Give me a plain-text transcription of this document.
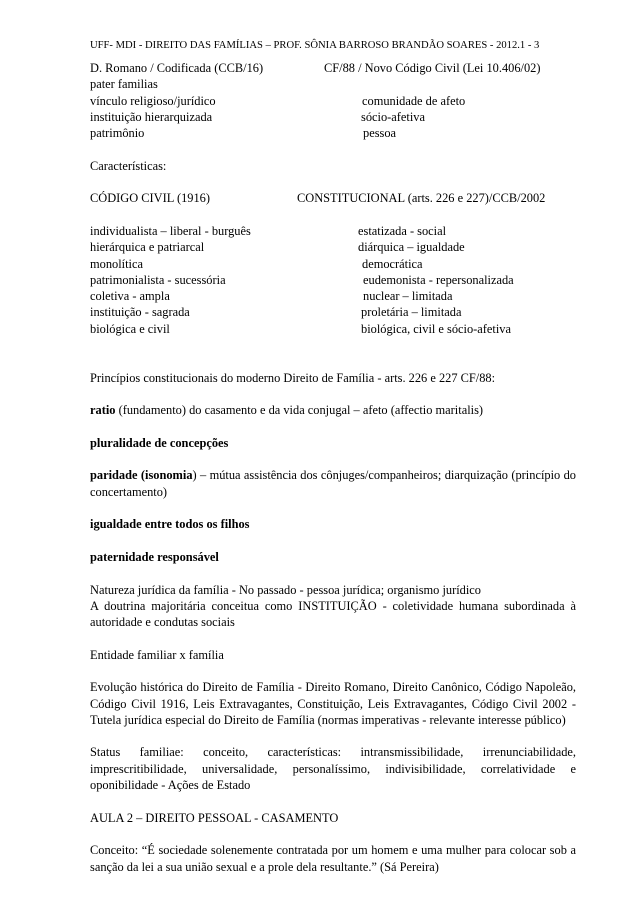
UFF- MDI - DIREITO DAS FAMÍLIAS – PROF. SÔNIA BARROSO BRANDÃO SOARES - 2012.1 - 3
D. Romano / Codificada (CCB/16)	CF/88 / Novo Código Civil (Lei 10.406/02)
pater familias
vínculo religioso/jurídico	comunidade de afeto
instituição hierarquizada	sócio-afetiva
patrimônio	pessoa
Características:
CÓDIGO CIVIL (1916)	CONSTITUCIONAL (arts. 226 e 227)/CCB/2002
individualista – liberal - burguês	estatizada - social
hierárquica e patriarcal	diárquica – igualdade
monolítica	democrática
patrimonialista - sucessória	eudemonista - repersonalizada
coletiva - ampla	nuclear – limitada
instituição - sagrada	proletária – limitada
biológica e civil	biológica, civil e sócio-afetiva

Princípios constitucionais do moderno Direito de Família - arts. 226 e 227 CF/88:

ratio (fundamento) do casamento e da vida conjugal – afeto (affectio maritalis)

pluralidade de concepções

paridade (isonomia) – mútua assistência dos cônjuges/companheiros; diarquização (princípio do concertamento)

igualdade entre todos os filhos

paternidade responsável

Natureza jurídica da família - No passado - pessoa jurídica; organismo jurídico

A doutrina majoritária conceitua como INSTITUIÇÃO - coletividade humana subordinada à autoridade e condutas sociais

Entidade familiar x família

Evolução histórica do Direito de Família - Direito Romano, Direito Canônico, Código Napoleão, Código Civil 1916, Leis Extravagantes, Constituição, Leis Extravagantes, Código Civil 2002 - Tutela jurídica especial do Direito de Família (normas imperativas - relevante interesse público)

Status familiae: conceito, características: intransmissibilidade, irrenunciabilidade, imprescritibilidade, universalidade, personalíssimo, indivisibilidade, correlatividade e oponibilidade - Ações de Estado

AULA 2 – DIREITO PESSOAL - CASAMENTO

Conceito: “É sociedade solenemente contratada por um homem e uma mulher para colocar sob a sanção da lei a sua união sexual e a prole dela resultante.” (Sá Pereira)
